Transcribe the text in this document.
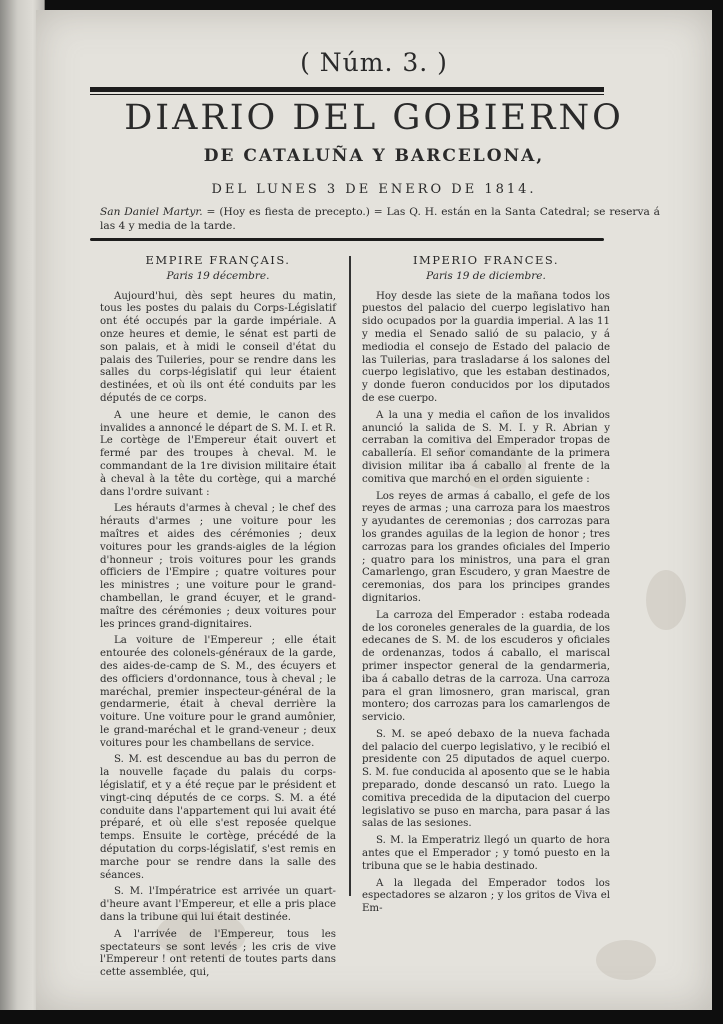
( Núm. 3. )
DIARIO DEL GOBIERNO
DE CATALUÑA Y BARCELONA,
DEL LUNES 3 DE ENERO DE 1814.
San Daniel Martyr. = (Hoy es fiesta de precepto.) = Las Q. H. están en la Santa Catedral; se reserva á las 4 y media de la tarde.
EMPIRE FRANÇAIS.
Paris 19 décembre.

Aujourd'hui, dès sept heures du matin, tous les postes du palais du Corps-Législatif ont été occupés par la garde impériale. A onze heures et demie, le sénat est parti de son palais, et à midi le conseil d'état du palais des Tuileries, pour se rendre dans les salles du corps-législatif qui leur étaient destinées, et où ils ont été conduits par les députés de ce corps.

A une heure et demie, le canon des invalides a annoncé le départ de S. M. I. et R. Le cortège de l'Empereur était ouvert et fermé par des troupes à cheval. M. le commandant de la 1re division militaire était à cheval à la tête du cortège, qui a marché dans l'ordre suivant :

Les hérauts d'armes à cheval ; le chef des hérauts d'armes ; une voiture pour les maîtres et aides des cérémonies ; deux voitures pour les grands-aigles de la légion d'honneur ; trois voitures pour les grands officiers de l'Empire ; quatre voitures pour les ministres ; une voiture pour le grand-chambellan, le grand écuyer, et le grand-maître des cérémonies ; deux voitures pour les princes grand-dignitaires.

La voiture de l'Empereur ; elle était entourée des colonels-généraux de la garde, des aides-de-camp de S. M., des écuyers et des officiers d'ordonnance, tous à cheval ; le maréchal, premier inspecteur-général de la gendarmerie, était à cheval derrière la voiture. Une voiture pour le grand aumônier, le grand-maréchal et le grand-veneur ; deux voitures pour les chambellans de service.

S. M. est descendue au bas du perron de la nouvelle façade du palais du corps-législatif, et y a été reçue par le président et vingt-cinq députés de ce corps. S. M. a été conduite dans l'appartement qui lui avait été préparé, et où elle s'est reposée quelque temps. Ensuite le cortège, précédé de la députation du corps-législatif, s'est remis en marche pour se rendre dans la salle des séances.

S. M. l'Impératrice est arrivée un quart-d'heure avant l'Empereur, et elle a pris place dans la tribune qui lui était destinée.

A l'arrivée de l'Empereur, tous les spectateurs se sont levés ; les cris de vive l'Empereur ! ont retenti de toutes parts dans cette assemblée, qui,

IMPERIO FRANCES.
Paris 19 de diciembre.

Hoy desde las siete de la mañana todos los puestos del palacio del cuerpo legislativo han sido ocupados por la guardia imperial. A las 11 y media el Senado salió de su palacio, y á mediodia el consejo de Estado del palacio de las Tuilerias, para trasladarse á los salones del cuerpo legislativo, que les estaban destinados, y donde fueron conducidos por los diputados de ese cuerpo.

A la una y media el cañon de los invalidos anunció la salida de S. M. I. y R. Abrian y cerraban la comitiva del Emperador tropas de caballería. El señor comandante de la primera division militar iba á caballo al frente de la comitiva que marchó en el orden siguiente :

Los reyes de armas á caballo, el gefe de los reyes de armas ; una carroza para los maestros y ayudantes de ceremonias ; dos carrozas para los grandes aguilas de la legion de honor ; tres carrozas para los grandes oficiales del Imperio ; quatro para los ministros, una para el gran Camarlengo, gran Escudero, y gran Maestre de ceremonias, dos para los principes grandes dignitarios.

La carroza del Emperador : estaba rodeada de los coroneles generales de la guardia, de los edecanes de S. M. de los escuderos y oficiales de ordenanzas, todos á caballo, el mariscal primer inspector general de la gendarmeria, iba á caballo detras de la carroza. Una carroza para el gran limosnero, gran mariscal, gran montero; dos carrozas para los camarlengos de servicio.

S. M. se apeó debaxo de la nueva fachada del palacio del cuerpo legislativo, y le recibió el presidente con 25 diputados de aquel cuerpo. S. M. fue conducida al aposento que se le habia preparado, donde descansó un rato. Luego la comitiva precedida de la diputacion del cuerpo legislativo se puso en marcha, para pasar á las salas de las sesiones.

S. M. la Emperatriz llegó un quarto de hora antes que el Emperador ; y tomó puesto en la tribuna que se le habia destinado.

A la llegada del Emperador todos los espectadores se alzaron ; y los gritos de Viva el Em-
